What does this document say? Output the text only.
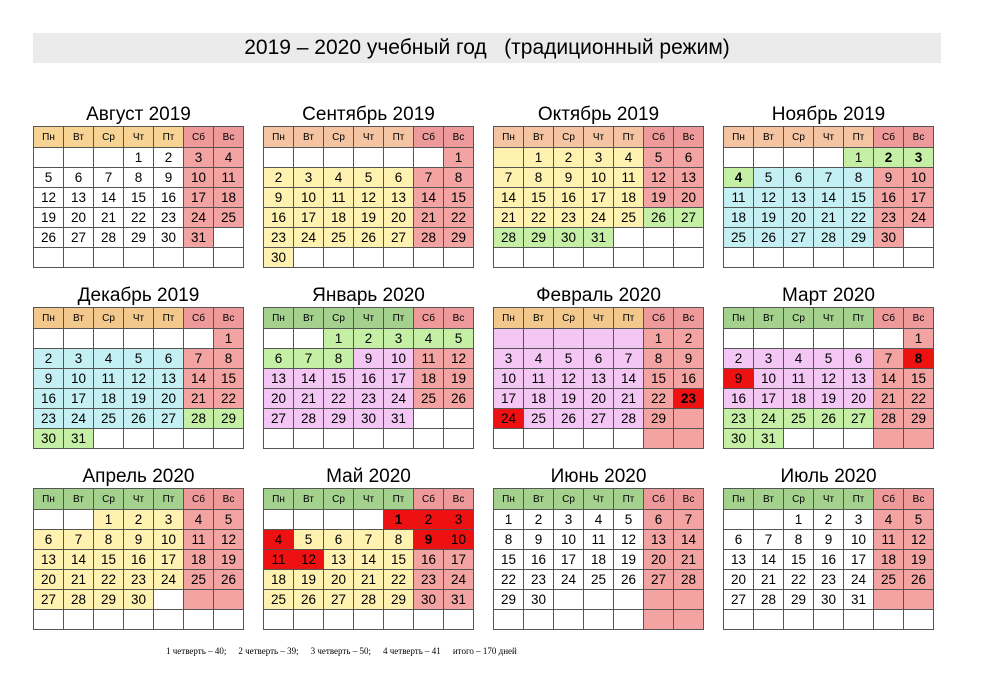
2019 – 2020 учебный год   (традиционный режим)
Август 2019
Пн	Вт	Ср	Чт	Пт	Сб	Вс
			1	2	3	4
5	6	7	8	9	10	11
12	13	14	15	16	17	18
19	20	21	22	23	24	25
26	27	28	29	30	31	

Сентябрь 2019
Пн	Вт	Ср	Чт	Пт	Сб	Вс
						1
2	3	4	5	6	7	8
9	10	11	12	13	14	15
16	17	18	19	20	21	22
23	24	25	26	27	28	29
30						
Октябрь 2019
Пн	Вт	Ср	Чт	Пт	Сб	Вс
	1	2	3	4	5	6
7	8	9	10	11	12	13
14	15	16	17	18	19	20
21	22	23	24	25	26	27
28	29	30	31			

Ноябрь 2019
Пн	Вт	Ср	Чт	Пт	Сб	Вс
				1	2	3
4	5	6	7	8	9	10
11	12	13	14	15	16	17
18	19	20	21	22	23	24
25	26	27	28	29	30	

Декабрь 2019
Пн	Вт	Ср	Чт	Пт	Сб	Вс
						1
2	3	4	5	6	7	8
9	10	11	12	13	14	15
16	17	18	19	20	21	22
23	24	25	26	27	28	29
30	31					
Январь 2020
Пн	Вт	Ср	Чт	Пт	Сб	Вс
		1	2	3	4	5
6	7	8	9	10	11	12
13	14	15	16	17	18	19
20	21	22	23	24	25	26
27	28	29	30	31		

Февраль 2020
Пн	Вт	Ср	Чт	Пт	Сб	Вс
					1	2
3	4	5	6	7	8	9
10	11	12	13	14	15	16
17	18	19	20	21	22	23
24	25	26	27	28	29	

Март 2020
Пн	Вт	Ср	Чт	Пт	Сб	Вс
						1
2	3	4	5	6	7	8
9	10	11	12	13	14	15
16	17	18	19	20	21	22
23	24	25	26	27	28	29
30	31					
Апрель 2020
Пн	Вт	Ср	Чт	Пт	Сб	Вс
		1	2	3	4	5
6	7	8	9	10	11	12
13	14	15	16	17	18	19
20	21	22	23	24	25	26
27	28	29	30			

Май 2020
Пн	Вт	Ср	Чт	Пт	Сб	Вс
				1	2	3
4	5	6	7	8	9	10
11	12	13	14	15	16	17
18	19	20	21	22	23	24
25	26	27	28	29	30	31

Июнь 2020
Пн	Вт	Ср	Чт	Пт	Сб	Вс
1	2	3	4	5	6	7
8	9	10	11	12	13	14
15	16	17	18	19	20	21
22	23	24	25	26	27	28
29	30					

Июль 2020
Пн	Вт	Ср	Чт	Пт	Сб	Вс
		1	2	3	4	5
6	7	8	9	10	11	12
13	14	15	16	17	18	19
20	21	22	23	24	25	26
27	28	29	30	31		

1 четверть – 40; 2 четверть – 39; 3 четверть – 50; 4 четверть – 41 итого – 170 дней
